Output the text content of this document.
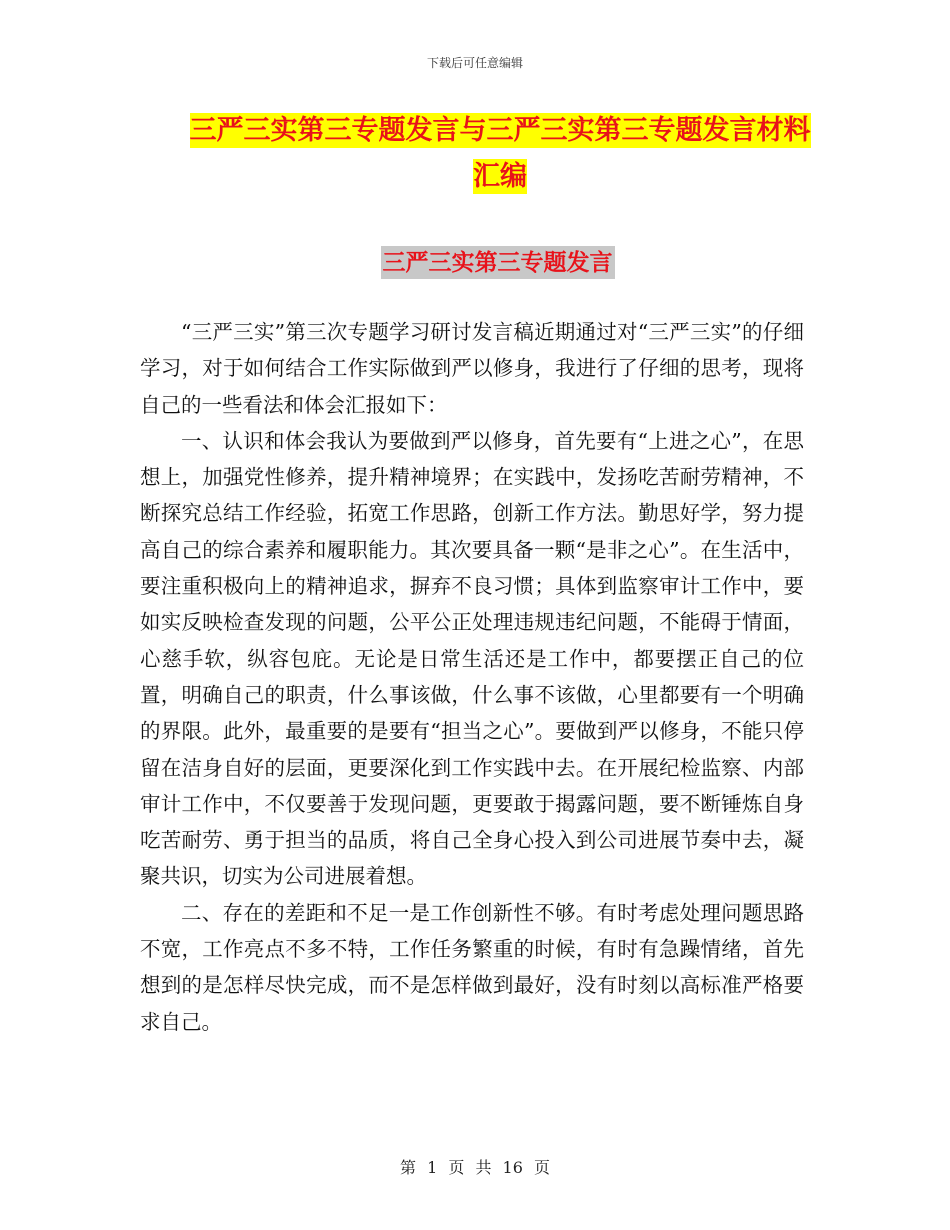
下载后可任意编辑
三严三实第三专题发言与三严三实第三专题发言材料
汇编
三严三实第三专题发言

“三严三实”第三次专题学习研讨发言稿近期通过对“三严三实”的仔细学习，对于如何结合工作实际做到严以修身，我进行了仔细的思考，现将自己的一些看法和体会汇报如下：

一、认识和体会我认为要做到严以修身，首先要有“上进之心”，在思想上，加强党性修养，提升精神境界；在实践中，发扬吃苦耐劳精神，不断探究总结工作经验，拓宽工作思路，创新工作方法。勤思好学，努力提高自己的综合素养和履职能力。其次要具备一颗“是非之心”。在生活中，要注重积极向上的精神追求，摒弃不良习惯；具体到监察审计工作中，要如实反映检查发现的问题，公平公正处理违规违纪问题，不能碍于情面，心慈手软，纵容包庇。无论是日常生活还是工作中，都要摆正自己的位置，明确自己的职责，什么事该做，什么事不该做，心里都要有一个明确的界限。此外，最重要的是要有“担当之心”。要做到严以修身，不能只停留在洁身自好的层面，更要深化到工作实践中去。在开展纪检监察、内部审计工作中，不仅要善于发现问题，更要敢于揭露问题，要不断锤炼自身吃苦耐劳、勇于担当的品质，将自己全身心投入到公司进展节奏中去，凝聚共识，切实为公司进展着想。

二、存在的差距和不足一是工作创新性不够。有时考虑处理问题思路不宽，工作亮点不多不特，工作任务繁重的时候，有时有急躁情绪，首先想到的是怎样尽快完成，而不是怎样做到最好，没有时刻以高标准严格要求自己。

第 1 页 共 16 页
